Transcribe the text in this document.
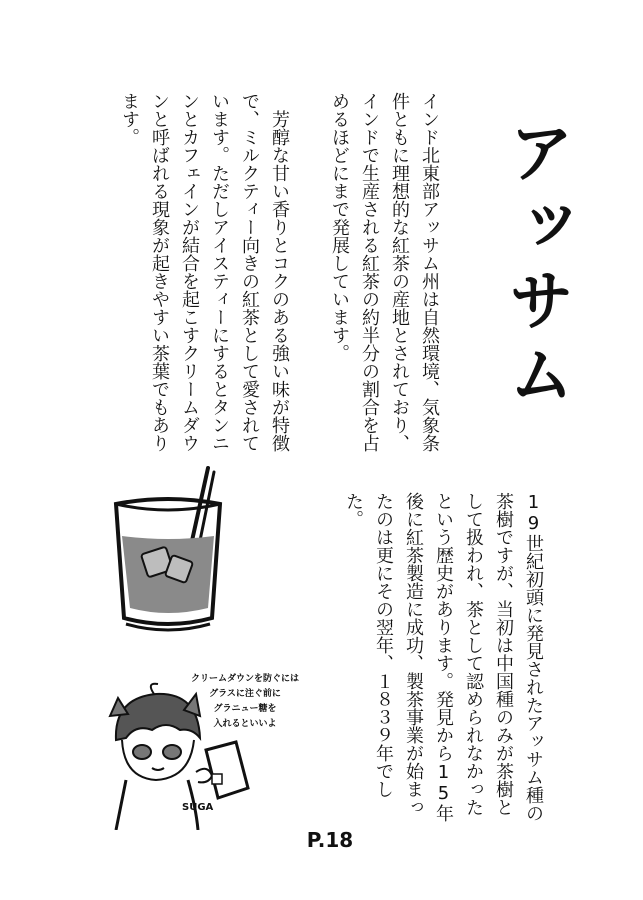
アッサム

インド北東部アッサム州は自然環境、気象条件ともに理想的な紅茶の産地とされており、インドで生産される紅茶の約半分の割合を占めるほどにまで発展しています。

芳醇な甘い香りとコクのある強い味が特徴で、ミルクティー向きの紅茶として愛されています。ただしアイスティーにするとタンニンとカフェインが結合を起こすクリームダウンと呼ばれる現象が起きやすい茶葉でもあります。

19世紀初頭に発見されたアッサム種の茶樹ですが、当初は中国種のみが茶樹として扱われ、茶として認められなかったという歴史があります。発見から15年後に紅茶製造に成功、製茶事業が始まったのは更にその翌年、１８３９年でした。

SUGA
クリームダウンを防ぐには
グラスに注ぐ前に
グラニュー糖を
入れるといいよ
P.18
